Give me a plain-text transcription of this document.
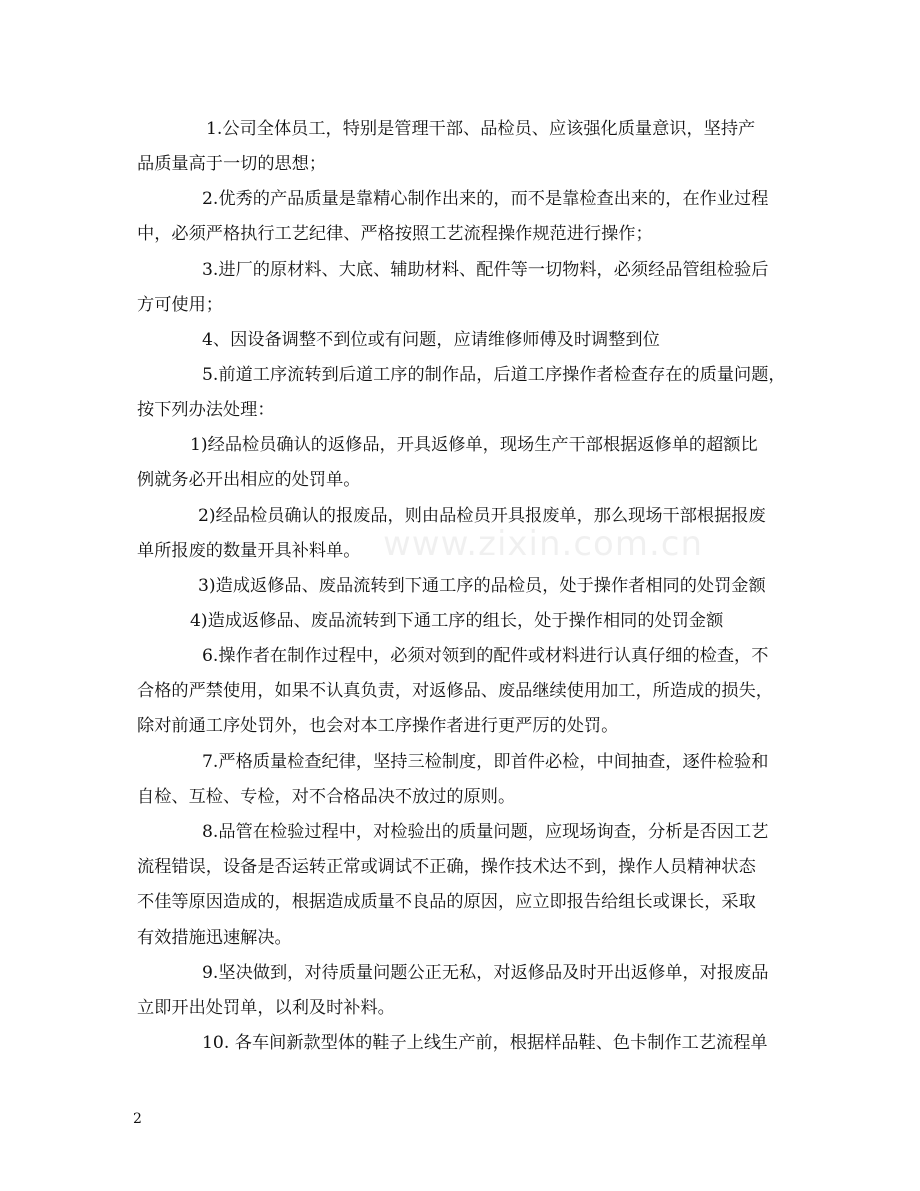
1.公司全体员工，特别是管理干部、品检员、应该强化质量意识，坚持产
品质量高于一切的思想；
2.优秀的产品质量是靠精心制作出来的，而不是靠检查出来的，在作业过程
中，必须严格执行工艺纪律、严格按照工艺流程操作规范进行操作；
3.进厂的原材料、大底、辅助材料、配件等一切物料，必须经品管组检验后
方可使用；
4、因设备调整不到位或有问题，应请维修师傅及时调整到位
5.前道工序流转到后道工序的制作品，后道工序操作者检查存在的质量问题，
按下列办法处理：
1)经品检员确认的返修品，开具返修单，现场生产干部根据返修单的超额比
例就务必开出相应的处罚单。
2)经品检员确认的报废品，则由品检员开具报废单，那么现场干部根据报废
单所报废的数量开具补料单。
3)造成返修品、废品流转到下通工序的品检员，处于操作者相同的处罚金额
4)造成返修品、废品流转到下通工序的组长，处于操作相同的处罚金额
6.操作者在制作过程中，必须对领到的配件或材料进行认真仔细的检查，不
合格的严禁使用，如果不认真负责，对返修品、废品继续使用加工，所造成的损失，
除对前通工序处罚外，也会对本工序操作者进行更严厉的处罚。
7.严格质量检查纪律，坚持三检制度，即首件必检，中间抽查，逐件检验和
自检、互检、专检，对不合格品决不放过的原则。
8.品管在检验过程中，对检验出的质量问题，应现场询查，分析是否因工艺
流程错误，设备是否运转正常或调试不正确，操作技术达不到，操作人员精神状态
不佳等原因造成的，根据造成质量不良品的原因，应立即报告给组长或课长，采取
有效措施迅速解决。
9.坚决做到，对待质量问题公正无私，对返修品及时开出返修单，对报废品
立即开出处罚单，以利及时补料。
10. 各车间新款型体的鞋子上线生产前，根据样品鞋、色卡制作工艺流程单
www.zixin.com.cn
2
